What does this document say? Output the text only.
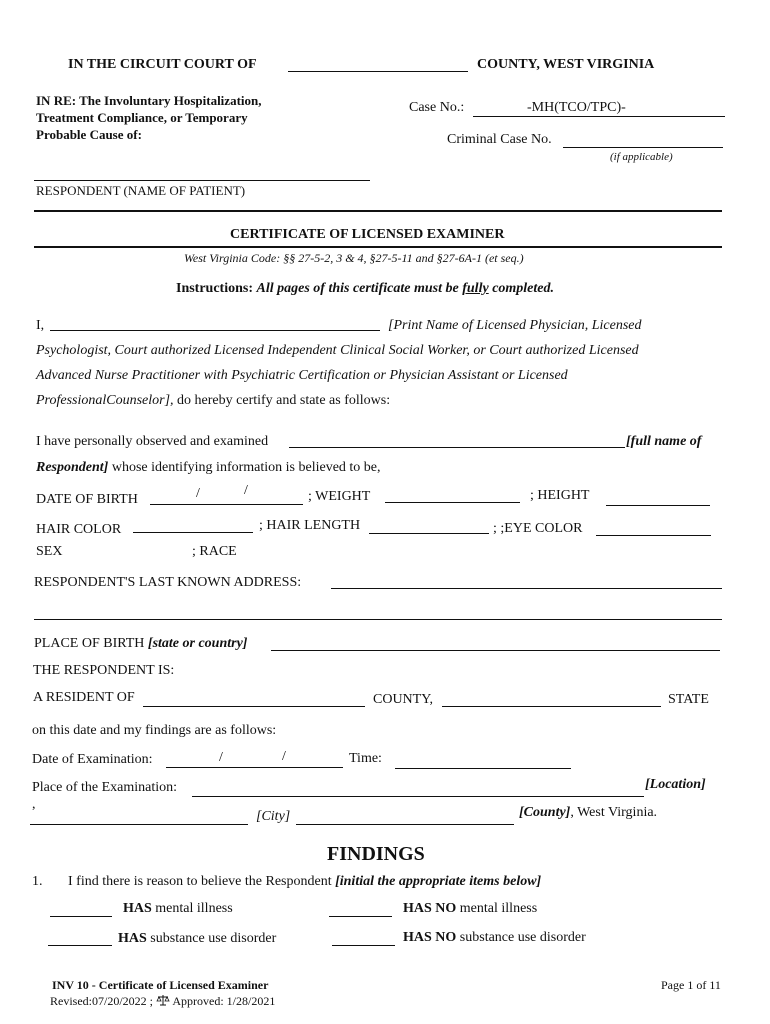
IN THE CIRCUIT COURT OF	COUNTY, WEST VIRGINIA
IN RE: The Involuntary Hospitalization,
Treatment Compliance, or Temporary
Probable Cause of:
Case No.:	-MH(TCO/TPC)-
Criminal Case No.
(if applicable)
RESPONDENT (NAME OF PATIENT)
CERTIFICATE OF LICENSED EXAMINER
West Virginia Code: §§ 27-5-2, 3 & 4, §27-5-11 and §27-6A-1 (et seq.)
Instructions: All pages of this certificate must be fully completed.
I,	[Print Name of Licensed Physician, Licensed
Psychologist, Court authorized Licensed Independent Clinical Social Worker, or Court authorized Licensed
Advanced Nurse Practitioner with Psychiatric Certification or Physician Assistant or Licensed
ProfessionalCounselor], do hereby certify and state as follows:
I have personally observed and examined	[full name of
Respondent] whose identifying information is believed to be,
DATE OF BIRTH	/	/	; WEIGHT	; HEIGHT
HAIR COLOR	; HAIR LENGTH	; ;EYE COLOR
SEX	; RACE
RESPONDENT'S LAST KNOWN ADDRESS:
PLACE OF BIRTH [state or country]
THE RESPONDENT IS:
A RESIDENT OF	COUNTY,	STATE
on this date and my findings are as follows:
Date of Examination:	/	/	Time:
Place of the Examination:	[Location]
,
[City]	[County], West Virginia.
FINDINGS
1. I find there is reason to believe the Respondent [initial the appropriate items below]
HAS mental illness	HAS NO mental illness
HAS substance use disorder	HAS NO substance use disorder
INV 10 - Certificate of Licensed Examiner
Revised:07/20/2022 ; Approved: 1/28/2021
Page 1 of 11
